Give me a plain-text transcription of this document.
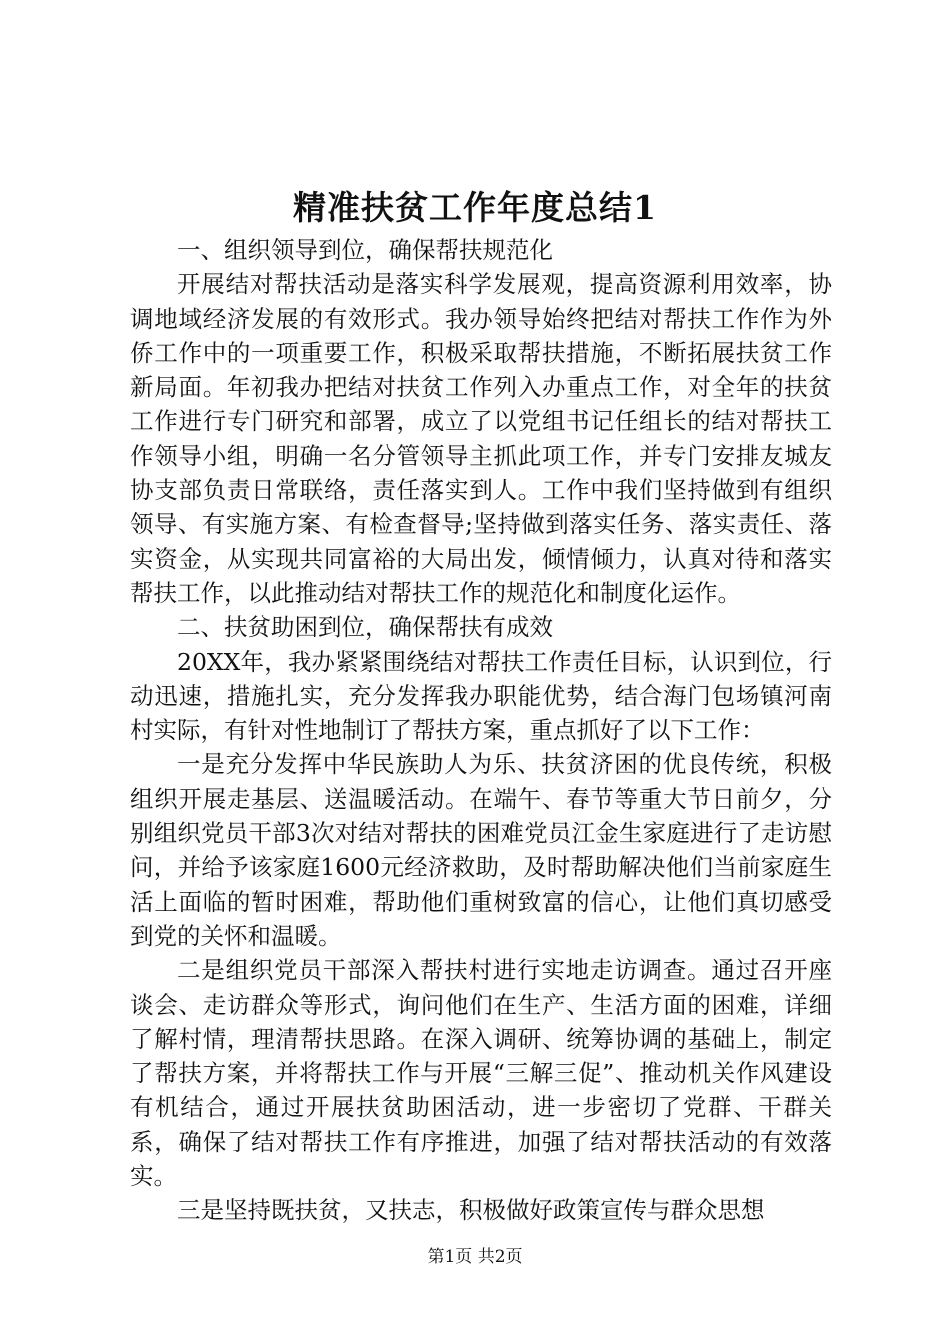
精准扶贫工作年度总结1

一、组织领导到位，确保帮扶规范化

开展结对帮扶活动是落实科学发展观，提高资源利用效率，协调地域经济发展的有效形式。我办领导始终把结对帮扶工作作为外侨工作中的一项重要工作，积极采取帮扶措施，不断拓展扶贫工作新局面。年初我办把结对扶贫工作列入办重点工作，对全年的扶贫工作进行专门研究和部署，成立了以党组书记任组长的结对帮扶工作领导小组，明确一名分管领导主抓此项工作，并专门安排友城友协支部负责日常联络，责任落实到人。工作中我们坚持做到有组织领导、有实施方案、有检查督导;坚持做到落实任务、落实责任、落实资金，从实现共同富裕的大局出发，倾情倾力，认真对待和落实帮扶工作，以此推动结对帮扶工作的规范化和制度化运作。

二、扶贫助困到位，确保帮扶有成效

20XX年，我办紧紧围绕结对帮扶工作责任目标，认识到位，行动迅速，措施扎实，充分发挥我办职能优势，结合海门包场镇河南村实际，有针对性地制订了帮扶方案，重点抓好了以下工作：

一是充分发挥中华民族助人为乐、扶贫济困的优良传统，积极组织开展走基层、送温暖活动。在端午、春节等重大节日前夕，分别组织党员干部3次对结对帮扶的困难党员江金生家庭进行了走访慰问，并给予该家庭1600元经济救助，及时帮助解决他们当前家庭生活上面临的暂时困难，帮助他们重树致富的信心，让他们真切感受到党的关怀和温暖。

二是组织党员干部深入帮扶村进行实地走访调查。通过召开座谈会、走访群众等形式，询问他们在生产、生活方面的困难，详细了解村情，理清帮扶思路。在深入调研、统筹协调的基础上，制定了帮扶方案，并将帮扶工作与开展“三解三促”、推动机关作风建设有机结合，通过开展扶贫助困活动，进一步密切了党群、干群关系，确保了结对帮扶工作有序推进，加强了结对帮扶活动的有效落实。

三是坚持既扶贫，又扶志，积极做好政策宣传与群众思想

第1页 共2页
